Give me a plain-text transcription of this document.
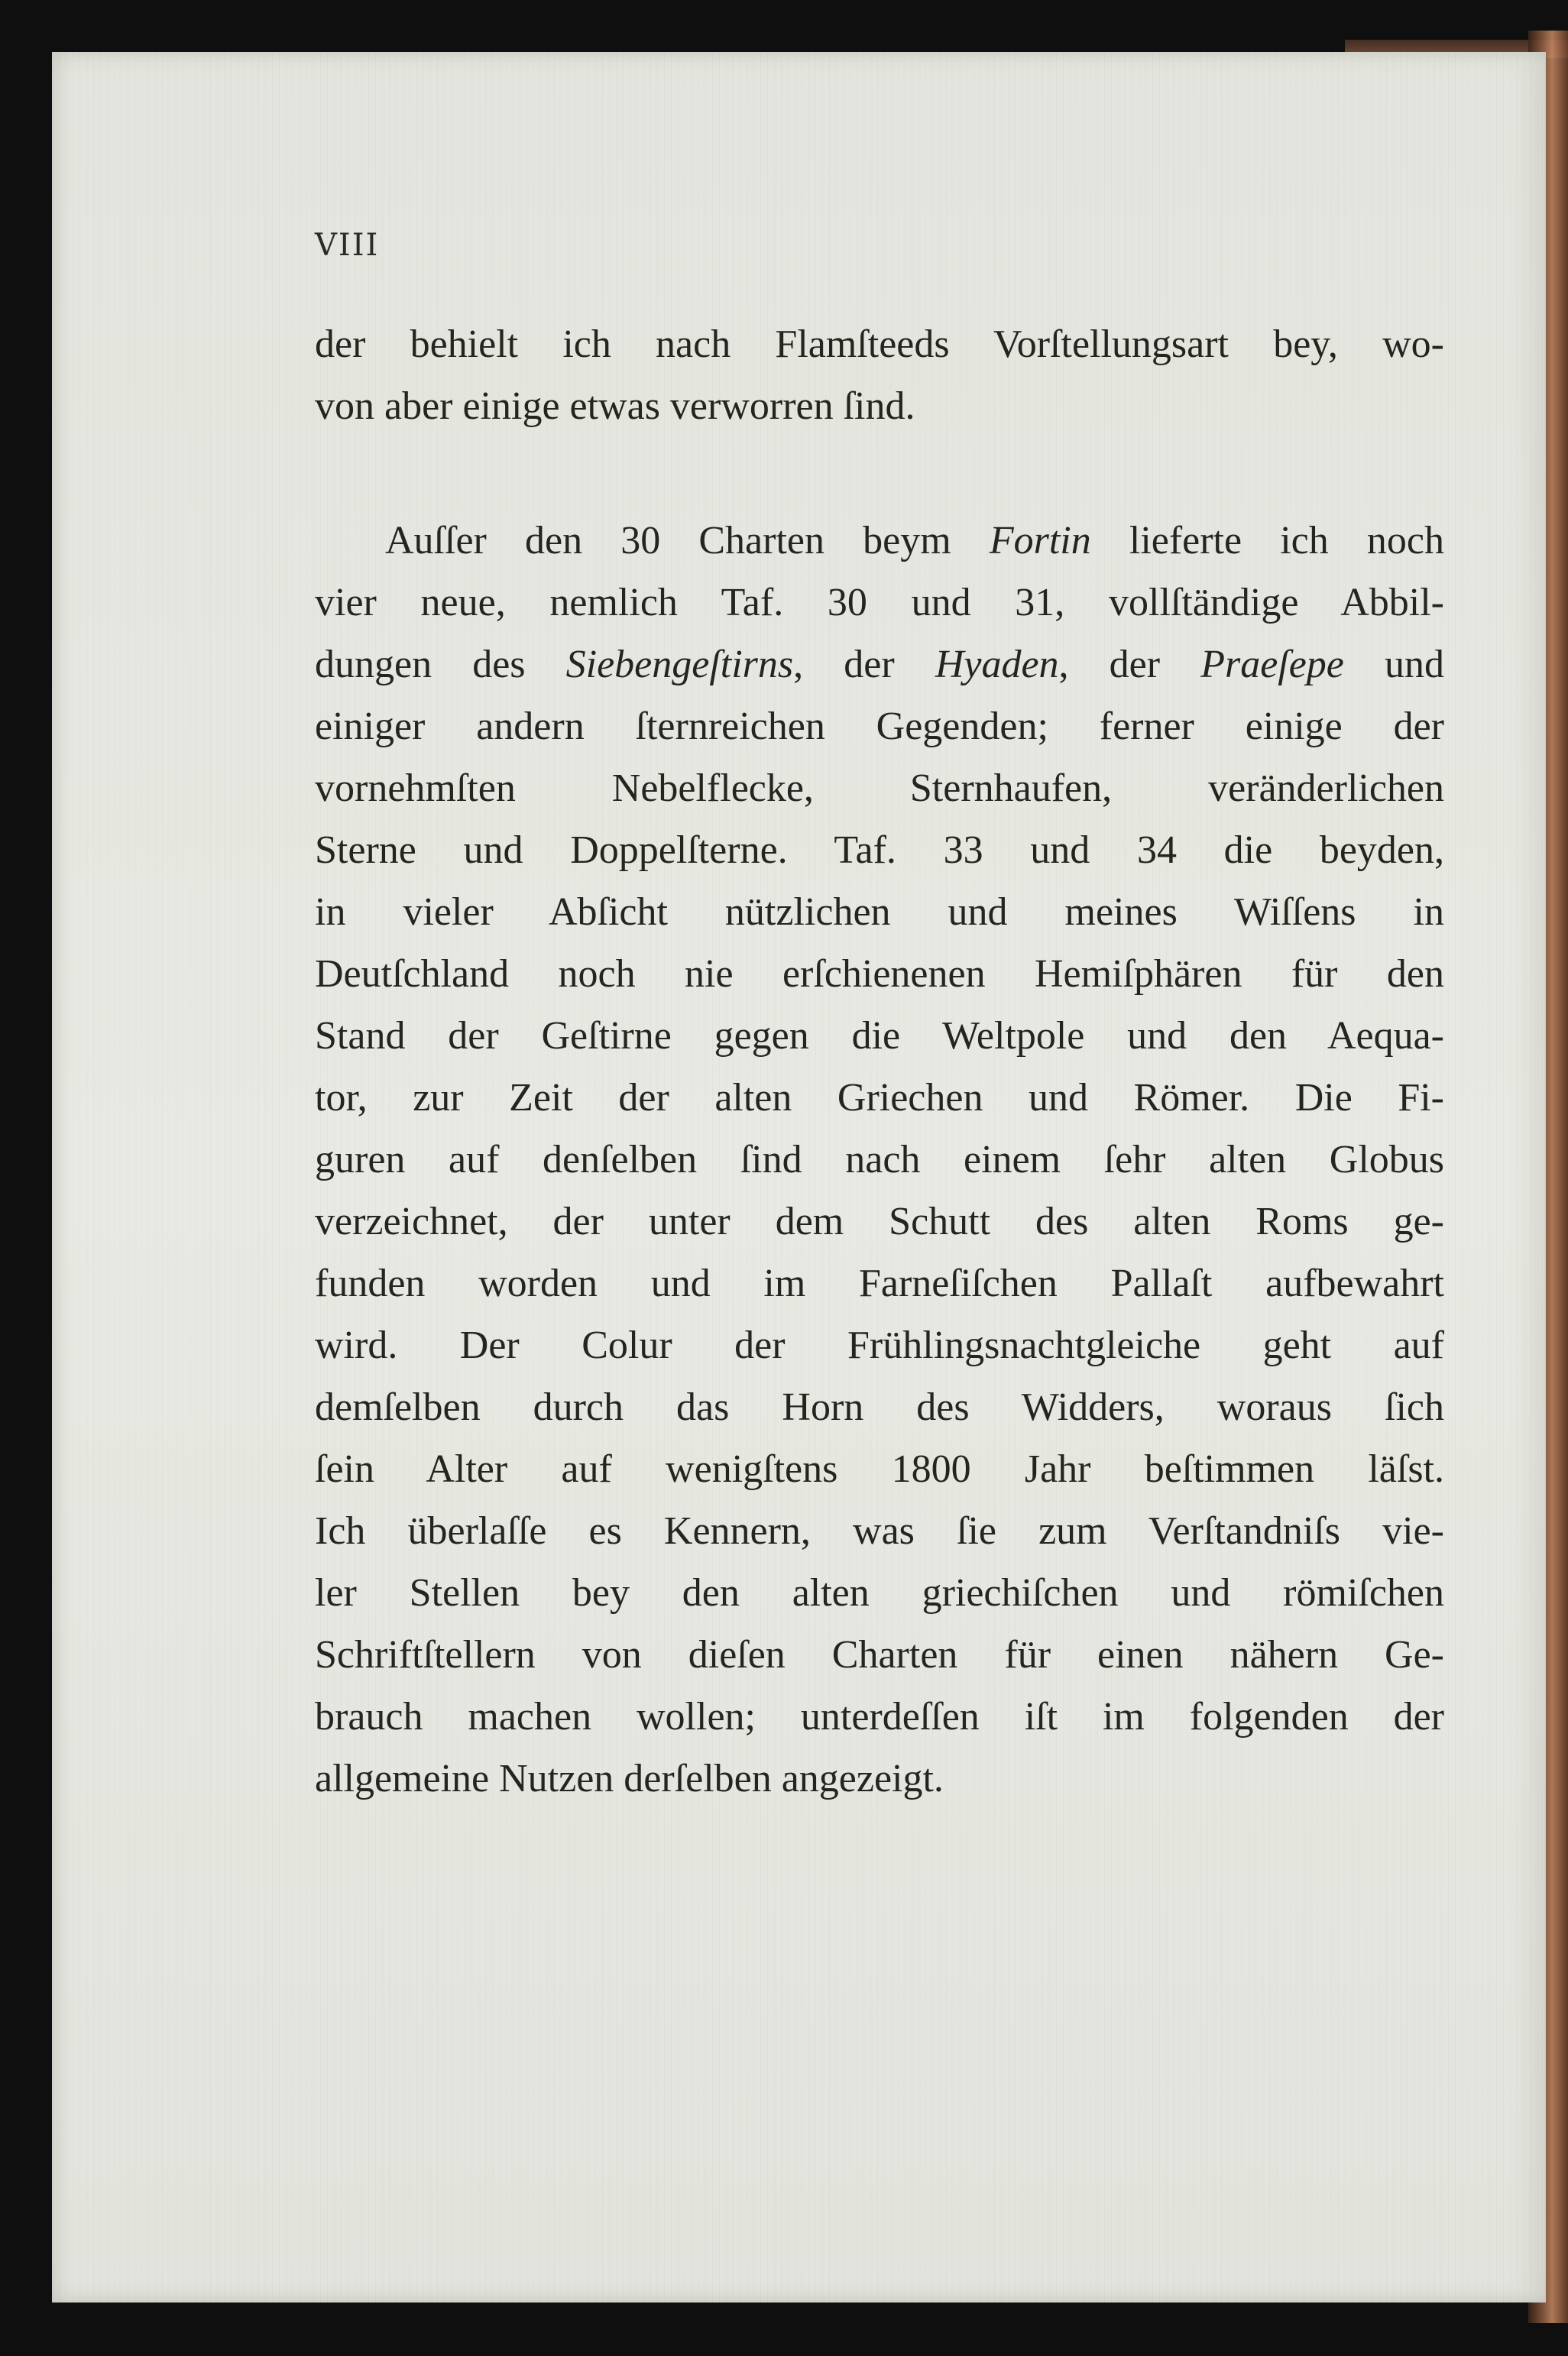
VIII
der behielt ich nach Flamſteeds Vorſtellungsart bey, wo-
von aber einige etwas verworren ſind.
Auſſer den 30 Charten beym Fortin lieferte ich noch
vier neue, nemlich Taf. 30 und 31, vollſtändige Abbil-
dungen des Siebengeſtirns, der Hyaden, der Praeſepe und
einiger andern ſternreichen Gegenden; ferner einige der
vornehmſten Nebelflecke, Sternhaufen, veränderlichen
Sterne und Doppelſterne. Taf. 33 und 34 die beyden,
in vieler Abſicht nützlichen und meines Wiſſens in
Deutſchland noch nie erſchienenen Hemiſphären für den
Stand der Geſtirne gegen die Weltpole und den Aequa-
tor, zur Zeit der alten Griechen und Römer. Die Fi-
guren auf denſelben ſind nach einem ſehr alten Globus
verzeichnet, der unter dem Schutt des alten Roms ge-
funden worden und im Farneſiſchen Pallaſt aufbewahrt
wird. Der Colur der Frühlingsnachtgleiche geht auf
demſelben durch das Horn des Widders, woraus ſich
ſein Alter auf wenigſtens 1800 Jahr beſtimmen läſst.
Ich überlaſſe es Kennern, was ſie zum Verſtandniſs vie-
ler Stellen bey den alten griechiſchen und römiſchen
Schriftſtellern von dieſen Charten für einen nähern Ge-
brauch machen wollen; unterdeſſen iſt im folgenden der
allgemeine Nutzen derſelben angezeigt.
